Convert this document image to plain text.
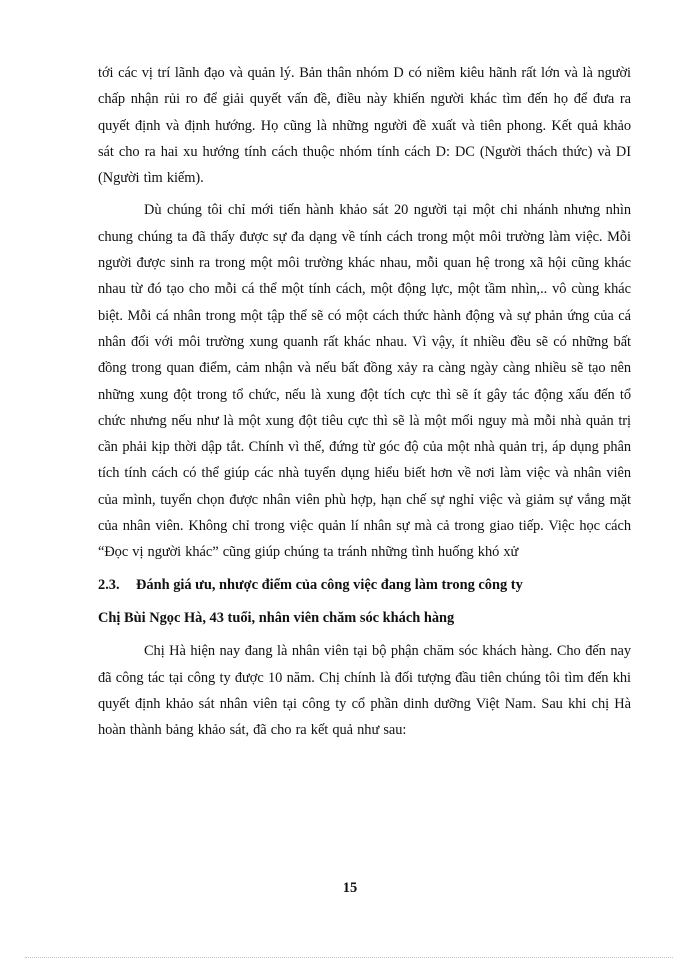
tới các vị trí lãnh đạo và quản lý. Bản thân nhóm D có niềm kiêu hãnh rất lớn và là người chấp nhận rủi ro để giải quyết vấn đề, điều này khiến người khác tìm đến họ để đưa ra quyết định và định hướng. Họ cũng là những người đề xuất và tiên phong. Kết quả khảo sát cho ra hai xu hướng tính cách thuộc nhóm tính cách D: DC (Người thách thức) và DI (Người tìm kiếm).

Dù chúng tôi chỉ mới tiến hành khảo sát 20 người tại một chi nhánh nhưng nhìn chung chúng ta đã thấy được sự đa dạng về tính cách trong một môi trường làm việc. Mỗi người được sinh ra trong một môi trường khác nhau, mỗi quan hệ trong xã hội cũng khác nhau từ đó tạo cho mỗi cá thể một tính cách, một động lực, một tầm nhìn,.. vô cùng khác biệt. Mỗi cá nhân trong một tập thể sẽ có một cách thức hành động và sự phản ứng của cá nhân đối với môi trường xung quanh rất khác nhau. Vì vậy, ít nhiều đều sẽ có những bất đồng trong quan điểm, cảm nhận và nếu bất đồng xảy ra càng ngày càng nhiều sẽ tạo nên những xung đột trong tổ chức, nếu là xung đột tích cực thì sẽ ít gây tác động xấu đến tổ chức nhưng nếu như là một xung đột tiêu cực thì sẽ là một mối nguy mà mỗi nhà quản trị cần phải kịp thời dập tắt. Chính vì thế, đứng từ góc độ của một nhà quản trị, áp dụng phân tích tính cách có thể giúp các nhà tuyển dụng hiểu biết hơn về nơi làm việc và nhân viên của mình, tuyển chọn được nhân viên phù hợp, hạn chế sự nghỉ việc và giảm sự vắng mặt của nhân viên. Không chỉ trong việc quản lí nhân sự mà cả trong giao tiếp. Việc học cách “Đọc vị người khác” cũng giúp chúng ta tránh những tình huống khó xử

2.3. Đánh giá ưu, nhược điểm của công việc đang làm trong công ty
Chị Bùi Ngọc Hà, 43 tuổi, nhân viên chăm sóc khách hàng

Chị Hà hiện nay đang là nhân viên tại bộ phận chăm sóc khách hàng. Cho đến nay đã công tác tại công ty được 10 năm. Chị chính là đối tượng đầu tiên chúng tôi tìm đến khi quyết định khảo sát nhân viên tại công ty cổ phần dinh dưỡng Việt Nam. Sau khi chị Hà hoàn thành bảng khảo sát, đã cho ra kết quả như sau:

15
